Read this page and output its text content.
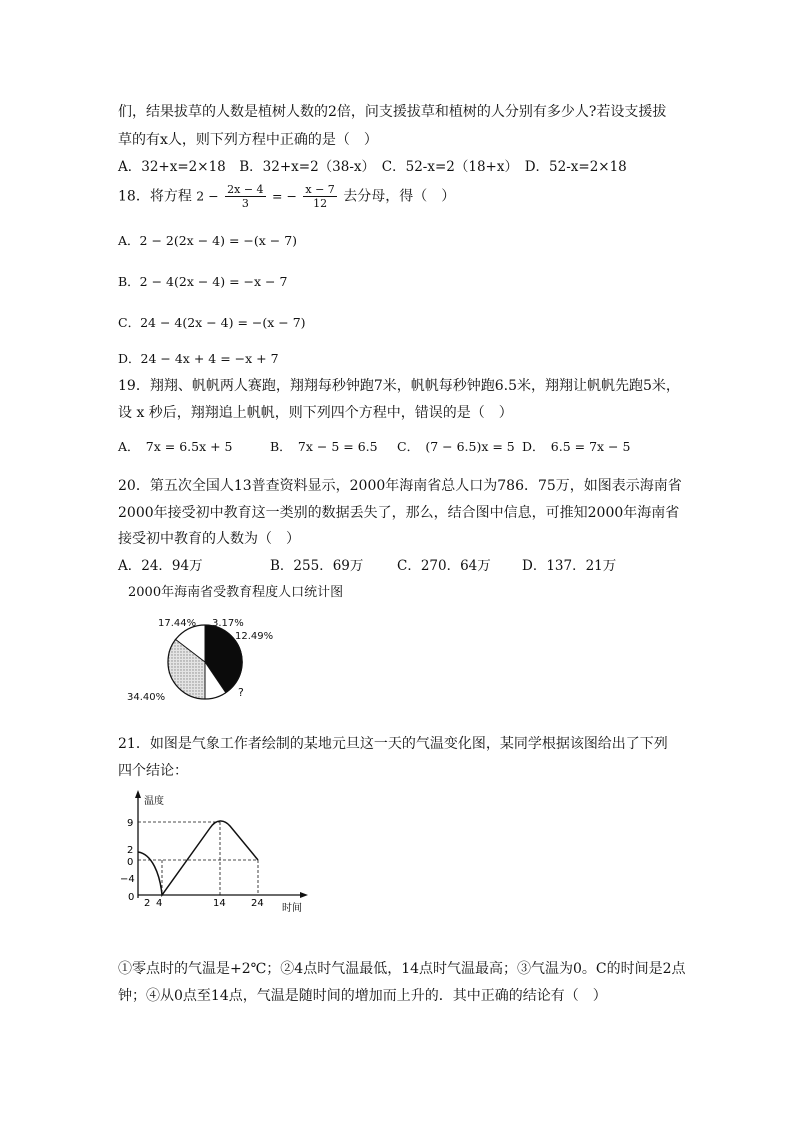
们，结果拔草的人数是植树人数的2倍，问支援拔草和植树的人分别有多少人?若设支援拔
草的有x人，则下列方程中正确的是（　）
A．32+x=2×18　B．32+x=2（38-x）　C．52-x=2（18+x）　D．52-x=2×18
18．将方程 $2 - \frac{2x - 4}{3}$ = − $\frac{x - 7}{12}$ 去分母，得（　）
A．2 − 2(2x − 4) = −(x − 7)
B．2 − 4(2x − 4) = −x − 7
C．24 − 4(2x − 4) = −(x − 7)
D．24 − 4x + 4 = −x + 7
19．翔翔、帆帆两人赛跑，翔翔每秒钟跑7米，帆帆每秒钟跑6.5米，翔翔让帆帆先跑5米，
设 x 秒后，翔翔追上帆帆，则下列四个方程中，错误的是（　）
A．　7x = 6.5x + 5	B．　7x − 5 = 6.5 C．　(7 − 6.5)x = 5 D．　6.5 = 7x − 5
20．第五次全国人13普查资料显示，2000年海南省总人口为786．75万，如图表示海南省
2000年接受初中教育这一类别的数据丢失了，那么，结合图中信息，可推知2000年海南省
接受初中教育的人数为（　）
A．24．94万	B．255．69万 C．270．64万 D．137．21万
2000年海南省受教育程度人口统计图
17.44% 3.17%
12.49%
?
34.40%
21．如图是气象工作者绘制的某地元旦这一天的气温变化图，某同学根据该图给出了下列
四个结论：
温度
9
2
0
−4
0
2 4	14	24 时间
①零点时的气温是+2℃；②4点时气温最低，14点时气温最高；③气温为0。C的时间是2点
钟；④从0点至14点，气温是随时间的增加而上升的．其中正确的结论有（　）
